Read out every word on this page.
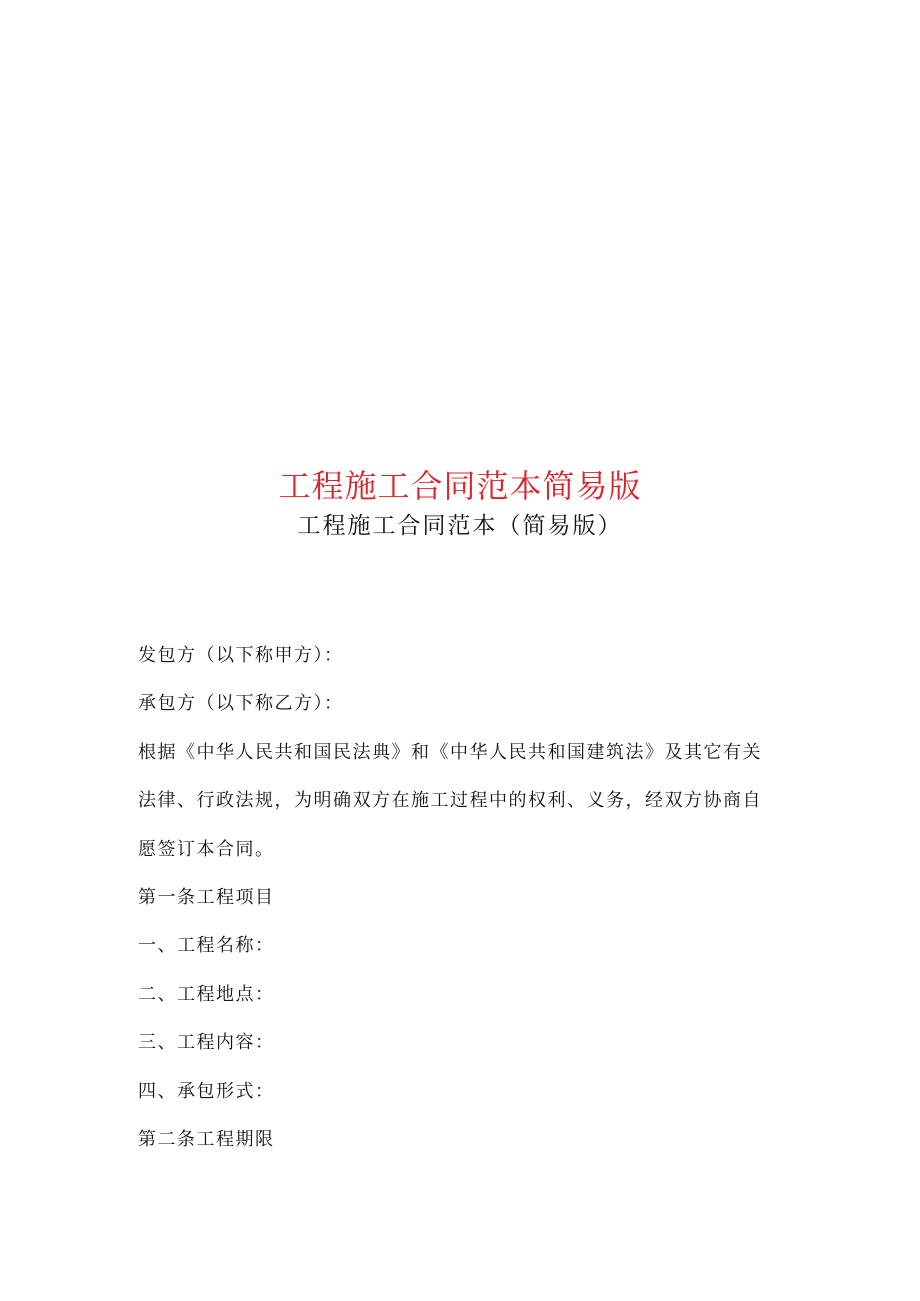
工程施工合同范本简易版
工程施工合同范本（简易版）

发包方（以下称甲方）：

承包方（以下称乙方）：

根据《中华人民共和国民法典》和《中华人民共和国建筑法》及其它有关

法律、行政法规，为明确双方在施工过程中的权利、义务，经双方协商自

愿签订本合同。

第一条工程项目

一、工程名称：

二、工程地点：

三、工程内容：

四、承包形式：

第二条工程期限
